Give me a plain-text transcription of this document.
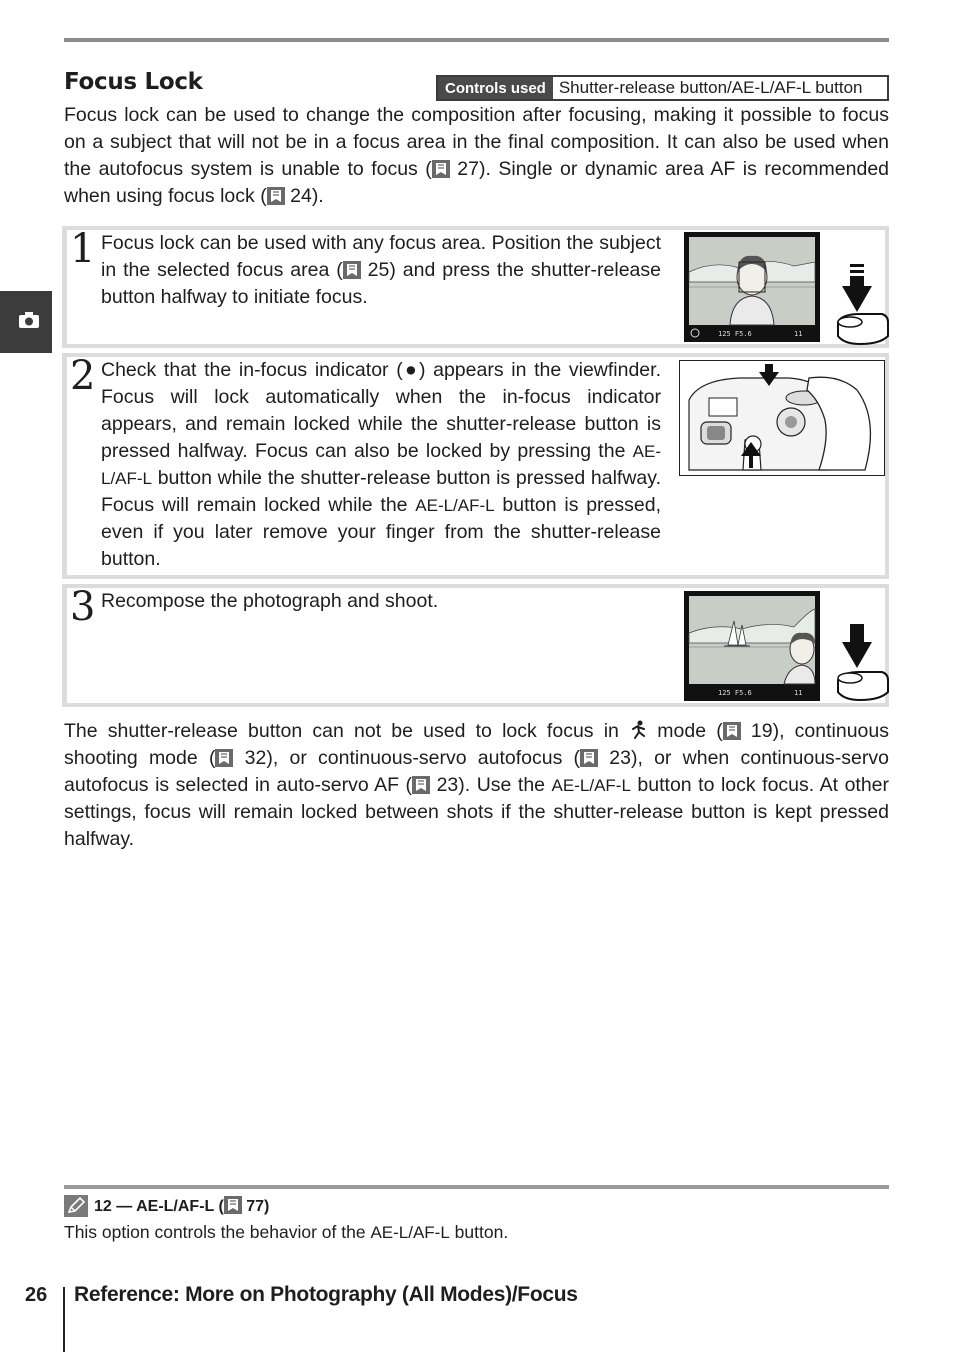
Focus Lock	Controls used Shutter-release button/AE-L/AF-L button

Focus lock can be used to change the composition after focusing, making it possible to focus on a subject that will not be in a focus area in the final composition. It can also be used when the autofocus system is unable to focus ( 27). Single or dynamic area AF is recommended when using focus lock ( 24).

1 Focus lock can be used with any focus area. Position the subject in the selected focus area ( 25) and press the shutter-release button halfway to initiate focus.

125 F5.6	11
2 Check that the in-focus indicator (●) appears in the viewfinder. Focus will lock automatically when the in-focus indicator appears, and remain locked while the shutter-release button is pressed halfway. Focus can also be locked by pressing the AE-L/AF-L button while the shutter-release button is pressed halfway. Focus will remain locked while the AE-L/AF-L button is pressed, even if you later remove your finger from the shutter-release button.

3 Recompose the photograph and shoot.

125 F5.6	11

The shutter-release button can not be used to lock focus in  mode ( 19), continuous shooting mode ( 32), or continuous-servo autofocus ( 23), or when continuous-servo autofocus is selected in auto-servo AF ( 23). Use the AE-L/AF-L button to lock focus. At other settings, focus will remain locked between shots if the shutter-release button is kept pressed halfway.

12 — AE-L/AF-L ( 77)

This option controls the behavior of the AE-L/AF-L button.

26 Reference: More on Photography (All Modes)/Focus
